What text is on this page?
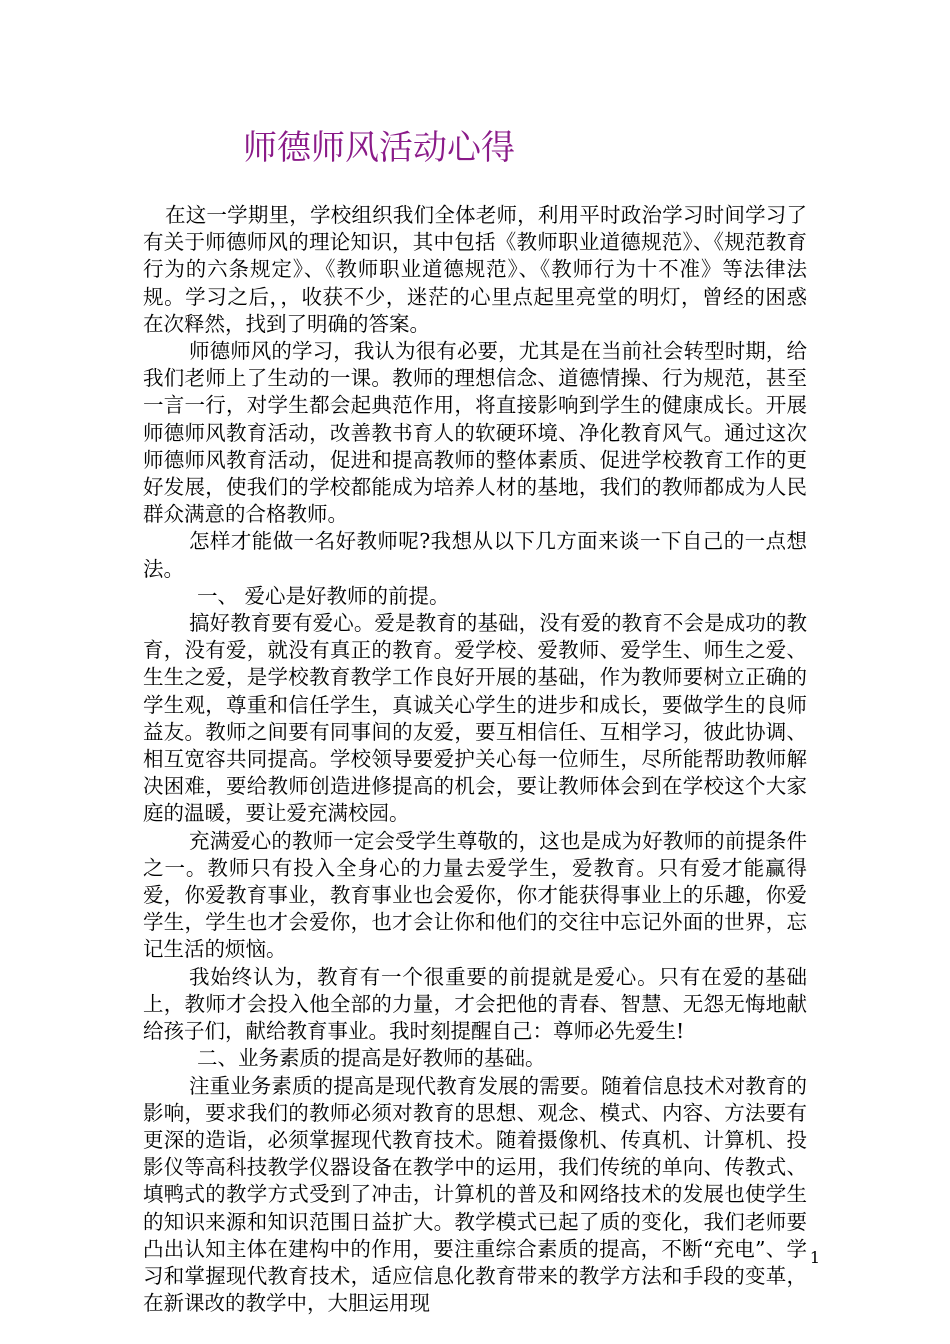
师德师风活动心得

在这一学期里，学校组织我们全体老师，利用平时政治学习时间学习了有关于师德师风的理论知识，其中包括《教师职业道德规范》、《规范教育行为的六条规定》、《教师职业道德规范》、《教师行为十不准》等法律法规。学习之后，，收获不少，迷茫的心里点起里亮堂的明灯，曾经的困惑在次释然，找到了明确的答案。

师德师风的学习，我认为很有必要，尤其是在当前社会转型时期，给我们老师上了生动的一课。教师的理想信念、道德情操、行为规范，甚至一言一行，对学生都会起典范作用，将直接影响到学生的健康成长。开展师德师风教育活动，改善教书育人的软硬环境、净化教育风气。通过这次师德师风教育活动，促进和提高教师的整体素质、促进学校教育工作的更好发展，使我们的学校都能成为培养人材的基地，我们的教师都成为人民群众满意的合格教师。

怎样才能做一名好教师呢?我想从以下几方面来谈一下自己的一点想法。

一、 爱心是好教师的前提。

搞好教育要有爱心。爱是教育的基础，没有爱的教育不会是成功的教育，没有爱，就没有真正的教育。爱学校、爱教师、爱学生、师生之爱、生生之爱，是学校教育教学工作良好开展的基础，作为教师要树立正确的学生观，尊重和信任学生，真诚关心学生的进步和成长，要做学生的良师益友。教师之间要有同事间的友爱，要互相信任、互相学习，彼此协调、相互宽容共同提高。学校领导要爱护关心每一位师生，尽所能帮助教师解决困难，要给教师创造进修提高的机会，要让教师体会到在学校这个大家庭的温暖，要让爱充满校园。

充满爱心的教师一定会受学生尊敬的，这也是成为好教师的前提条件之一。教师只有投入全身心的力量去爱学生，爱教育。只有爱才能赢得爱，你爱教育事业，教育事业也会爱你，你才能获得事业上的乐趣，你爱学生，学生也才会爱你，也才会让你和他们的交往中忘记外面的世界，忘记生活的烦恼。

我始终认为，教育有一个很重要的前提就是爱心。只有在爱的基础上，教师才会投入他全部的力量，才会把他的青春、智慧、无怨无悔地献给孩子们，献给教育事业。我时刻提醒自己：尊师必先爱生!

二、业务素质的提高是好教师的基础。

注重业务素质的提高是现代教育发展的需要。随着信息技术对教育的影响，要求我们的教师必须对教育的思想、观念、模式、内容、方法要有更深的造诣，必须掌握现代教育技术。随着摄像机、传真机、计算机、投影仪等高科技教学仪器设备在教学中的运用，我们传统的单向、传教式、填鸭式的教学方式受到了冲击，计算机的普及和网络技术的发展也使学生的知识来源和知识范围日益扩大。教学模式已起了质的变化，我们老师要凸出认知主体在建构中的作用，要注重综合素质的提高，不断“充电”、学习和掌握现代教育技术，适应信息化教育带来的教学方法和手段的变革，在新课改的教学中，大胆运用现

1
